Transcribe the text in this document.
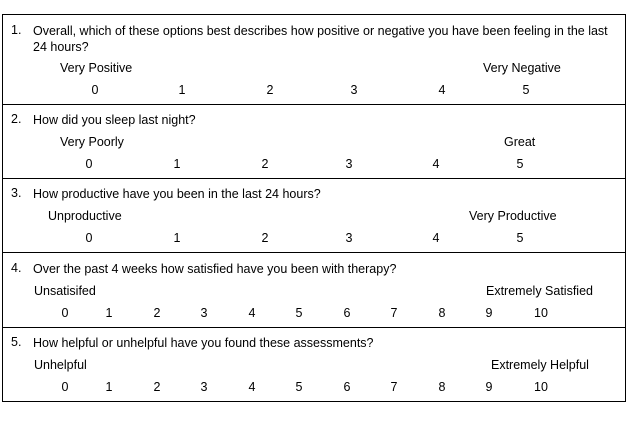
1. Overall, which of these options best describes how positive or negative you have been feeling in the last 24 hours?
Very Positive	Very Negative
0	1	2	3	4	5
2. How did you sleep last night?
Very Poorly	Great
0	1	2	3	4	5
3. How productive have you been in the last 24 hours?
Unproductive	Very Productive
0	1	2	3	4	5
4. Over the past 4 weeks how satisfied have you been with therapy?
Unsatisifed	Extremely Satisfied
0	1	2	3	4	5	6	7	8	9	10
5. How helpful or unhelpful have you found these assessments?
Unhelpful	Extremely Helpful
0	1	2	3	4	5	6	7	8	9	10
